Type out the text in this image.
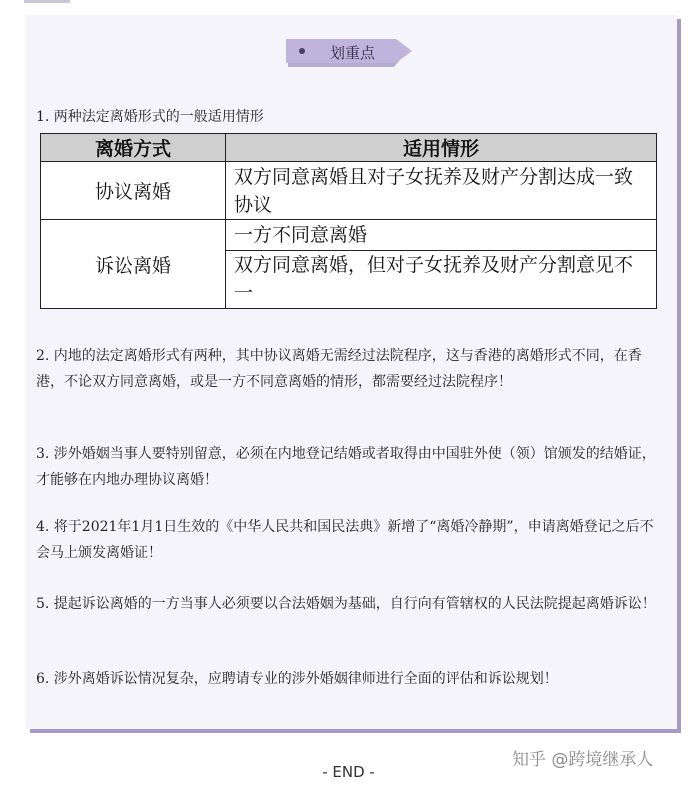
划重点
1. 两种法定离婚形式的一般适用情形
离婚方式	适用情形
协议离婚	双方同意离婚且对子女抚养及财产分割达成一致协议
诉讼离婚	一方不同意离婚
	双方同意离婚，但对子女抚养及财产分割意见不一

2. 内地的法定离婚形式有两种，其中协议离婚无需经过法院程序，这与香港的离婚形式不同，在香港，不论双方同意离婚，或是一方不同意离婚的情形，都需要经过法院程序！

3. 涉外婚姻当事人要特别留意，必须在内地登记结婚或者取得由中国驻外使（领）馆颁发的结婚证，才能够在内地办理协议离婚！

4. 将于2021年1月1日生效的《中华人民共和国民法典》新增了“离婚冷静期”，申请离婚登记之后不会马上颁发离婚证！

5. 提起诉讼离婚的一方当事人必须要以合法婚姻为基础，自行向有管辖权的人民法院提起离婚诉讼！

6. 涉外离婚诉讼情况复杂，应聘请专业的涉外婚姻律师进行全面的评估和诉讼规划！

知乎 @跨境继承人
- END -
